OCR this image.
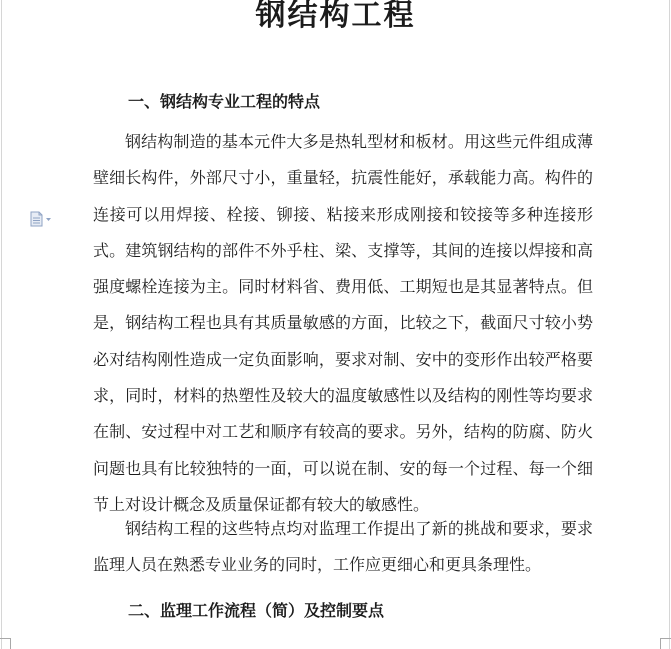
钢结构工程
一、钢结构专业工程的特点

钢结构制造的基本元件大多是热轧型材和板材。用这些元件组成薄壁细长构件，外部尺寸小，重量轻，抗震性能好，承载能力高。构件的连接可以用焊接、栓接、铆接、粘接来形成刚接和铰接等多种连接形式。建筑钢结构的部件不外乎柱、梁、支撑等，其间的连接以焊接和高强度螺栓连接为主。同时材料省、费用低、工期短也是其显著特点。但是，钢结构工程也具有其质量敏感的方面，比较之下，截面尺寸较小势必对结构刚性造成一定负面影响，要求对制、安中的变形作出较严格要求，同时，材料的热塑性及较大的温度敏感性以及结构的刚性等均要求在制、安过程中对工艺和顺序有较高的要求。另外，结构的防腐、防火问题也具有比较独特的一面，可以说在制、安的每一个过程、每一个细节上对设计概念及质量保证都有较大的敏感性。

钢结构工程的这些特点均对监理工作提出了新的挑战和要求，要求监理人员在熟悉专业业务的同时，工作应更细心和更具条理性。

二、监理工作流程（简）及控制要点
